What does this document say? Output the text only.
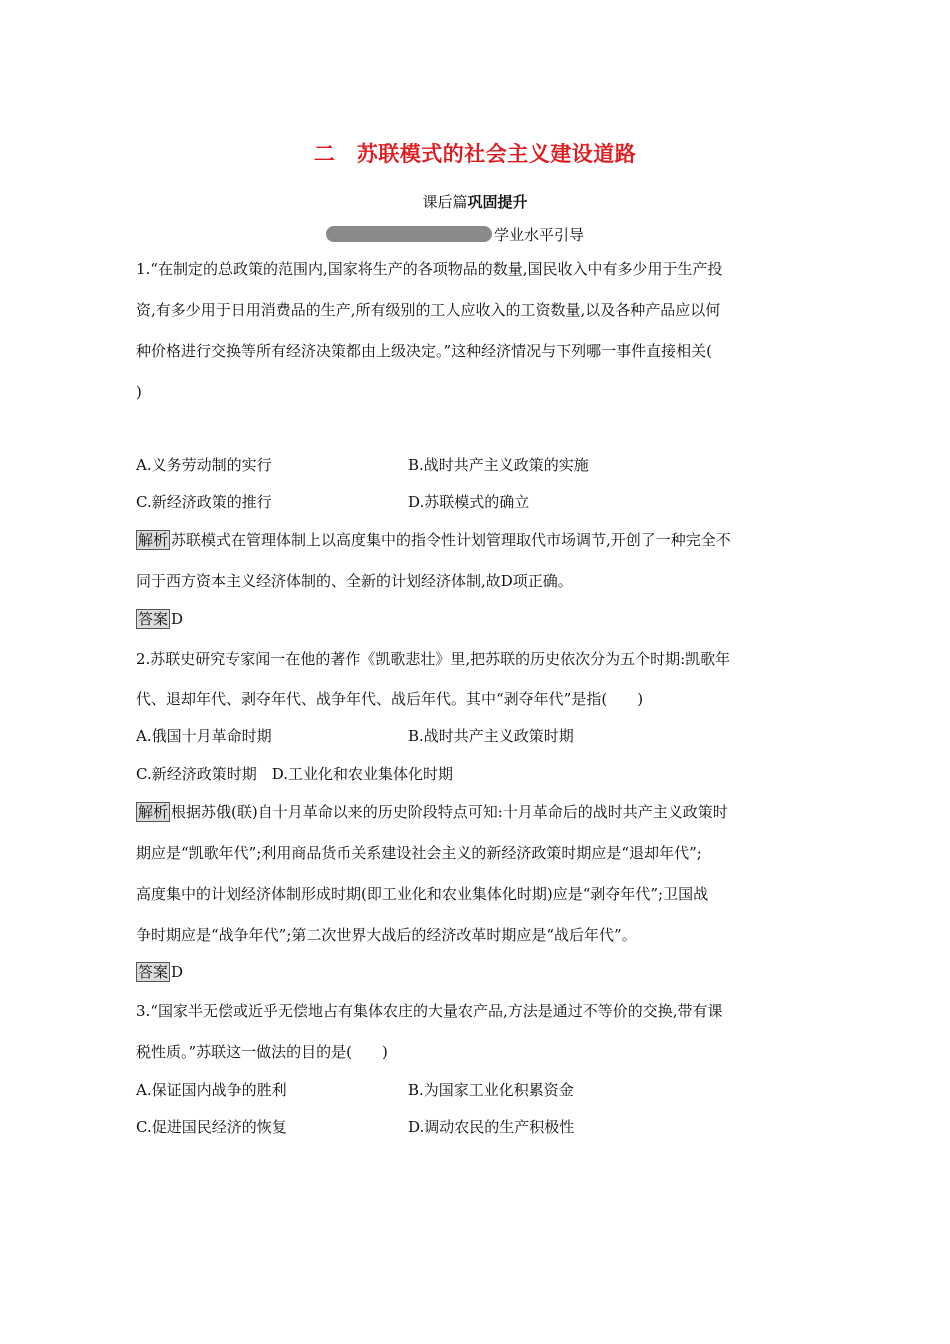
二　苏联模式的社会主义建设道路
课后篇巩固提升
学业水平引导
1.“在制定的总政策的范围内,国家将生产的各项物品的数量,国民收入中有多少用于生产投
资,有多少用于日用消费品的生产,所有级别的工人应收入的工资数量,以及各种产品应以何
种价格进行交换等所有经济决策都由上级决定。”这种经济情况与下列哪一事件直接相关(
)
A.义务劳动制的实行	B.战时共产主义政策的实施
C.新经济政策的推行	D.苏联模式的确立
解析 苏联模式在管理体制上以高度集中的指令性计划管理取代市场调节,开创了一种完全不
同于西方资本主义经济体制的、全新的计划经济体制,故D项正确。
答案 D
2.苏联史研究专家闻一在他的著作《凯歌悲壮》里,把苏联的历史依次分为五个时期:凯歌年
代、退却年代、剥夺年代、战争年代、战后年代。其中“剥夺年代”是指(　　)
A.俄国十月革命时期	B.战时共产主义政策时期
C.新经济政策时期　D.工业化和农业集体化时期
解析 根据苏俄(联)自十月革命以来的历史阶段特点可知:十月革命后的战时共产主义政策时
期应是“凯歌年代”;利用商品货币关系建设社会主义的新经济政策时期应是“退却年代”;
高度集中的计划经济体制形成时期(即工业化和农业集体化时期)应是“剥夺年代”;卫国战
争时期应是“战争年代”;第二次世界大战后的经济改革时期应是“战后年代”。
答案 D
3.“国家半无偿或近乎无偿地占有集体农庄的大量农产品,方法是通过不等价的交换,带有课
税性质。”苏联这一做法的目的是(　　)
A.保证国内战争的胜利	B.为国家工业化积累资金
C.促进国民经济的恢复	D.调动农民的生产积极性
